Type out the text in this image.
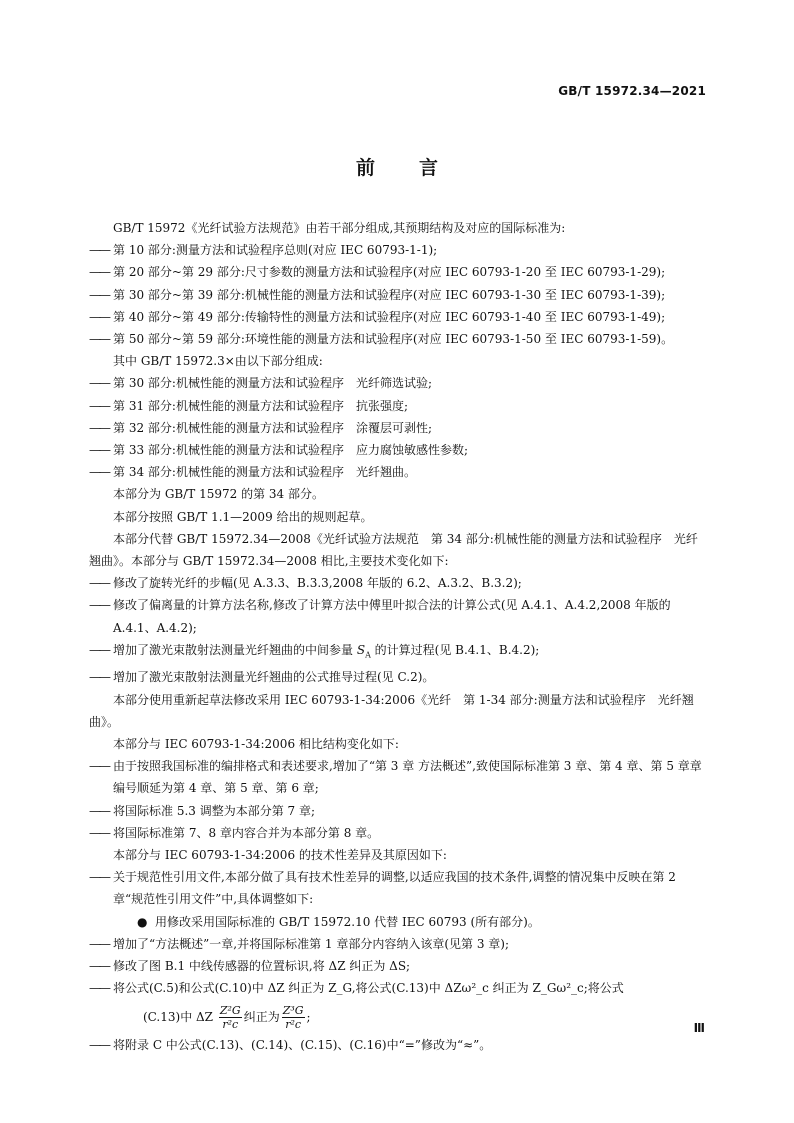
GB/T 15972.34—2021
前 言

GB/T 15972《光纤试验方法规范》由若干部分组成,其预期结构及对应的国际标准为:

——第 10 部分:测量方法和试验程序总则(对应 IEC 60793-1-1);

——第 20 部分~第 29 部分:尺寸参数的测量方法和试验程序(对应 IEC 60793-1-20 至 IEC 60793-1-29);

——第 30 部分~第 39 部分:机械性能的测量方法和试验程序(对应 IEC 60793-1-30 至 IEC 60793-1-39);

——第 40 部分~第 49 部分:传输特性的测量方法和试验程序(对应 IEC 60793-1-40 至 IEC 60793-1-49);

——第 50 部分~第 59 部分:环境性能的测量方法和试验程序(对应 IEC 60793-1-50 至 IEC 60793-1-59)。

其中 GB/T 15972.3×由以下部分组成:

——第 30 部分:机械性能的测量方法和试验程序　光纤筛选试验;

——第 31 部分:机械性能的测量方法和试验程序　抗张强度;

——第 32 部分:机械性能的测量方法和试验程序　涂覆层可剥性;

——第 33 部分:机械性能的测量方法和试验程序　应力腐蚀敏感性参数;

——第 34 部分:机械性能的测量方法和试验程序　光纤翘曲。

本部分为 GB/T 15972 的第 34 部分。

本部分按照 GB/T 1.1—2009 给出的规则起草。

本部分代替 GB/T 15972.34—2008《光纤试验方法规范　第 34 部分:机械性能的测量方法和试验程序　光纤翘曲》。本部分与 GB/T 15972.34—2008 相比,主要技术变化如下:

——修改了旋转光纤的步幅(见 A.3.3、B.3.3,2008 年版的 6.2、A.3.2、B.3.2);

——修改了偏离量的计算方法名称,修改了计算方法中傅里叶拟合法的计算公式(见 A.4.1、A.4.2,2008 年版的 A.4.1、A.4.2);

——增加了激光束散射法测量光纤翘曲的中间参量 $S_A$ 的计算过程(见 B.4.1、B.4.2);

——增加了激光束散射法测量光纤翘曲的公式推导过程(见 C.2)。

本部分使用重新起草法修改采用 IEC 60793-1-34:2006《光纤　第 1-34 部分:测量方法和试验程序　光纤翘曲》。

本部分与 IEC 60793-1-34:2006 相比结构变化如下:

——由于按照我国标准的编排格式和表述要求,增加了“第 3 章 方法概述”,致使国际标准第 3 章、第 4 章、第 5 章章编号顺延为第 4 章、第 5 章、第 6 章;

——将国际标准 5.3 调整为本部分第 7 章;

——将国际标准第 7、8 章内容合并为本部分第 8 章。

本部分与 IEC 60793-1-34:2006 的技术性差异及其原因如下:

——关于规范性引用文件,本部分做了具有技术性差异的调整,以适应我国的技术条件,调整的情况集中反映在第 2 章“规范性引用文件”中,具体调整如下:

● 用修改采用国际标准的 GB/T 15972.10 代替 IEC 60793 (所有部分)。

——增加了“方法概述”一章,并将国际标准第 1 章部分内容纳入该章(见第 3 章);

——修改了图 B.1 中线传感器的位置标识,将 ΔZ 纠正为 ΔS;

——将公式(C.5)和公式(C.10)中 ΔZ 纠正为 Z_G,将公式(C.13)中 ΔZω²_c 纠正为 Z_Gω²_c;将公式

(C.13)中 ΔZ $\frac{\text{Z²G}}{\text{r²c}}$ 纠正为 $\frac{\text{Z³G}}{\text{r²c}}$ ;

——将附录 C 中公式(C.13)、(C.14)、(C.15)、(C.16)中“=”修改为“≈”。

Ⅲ
